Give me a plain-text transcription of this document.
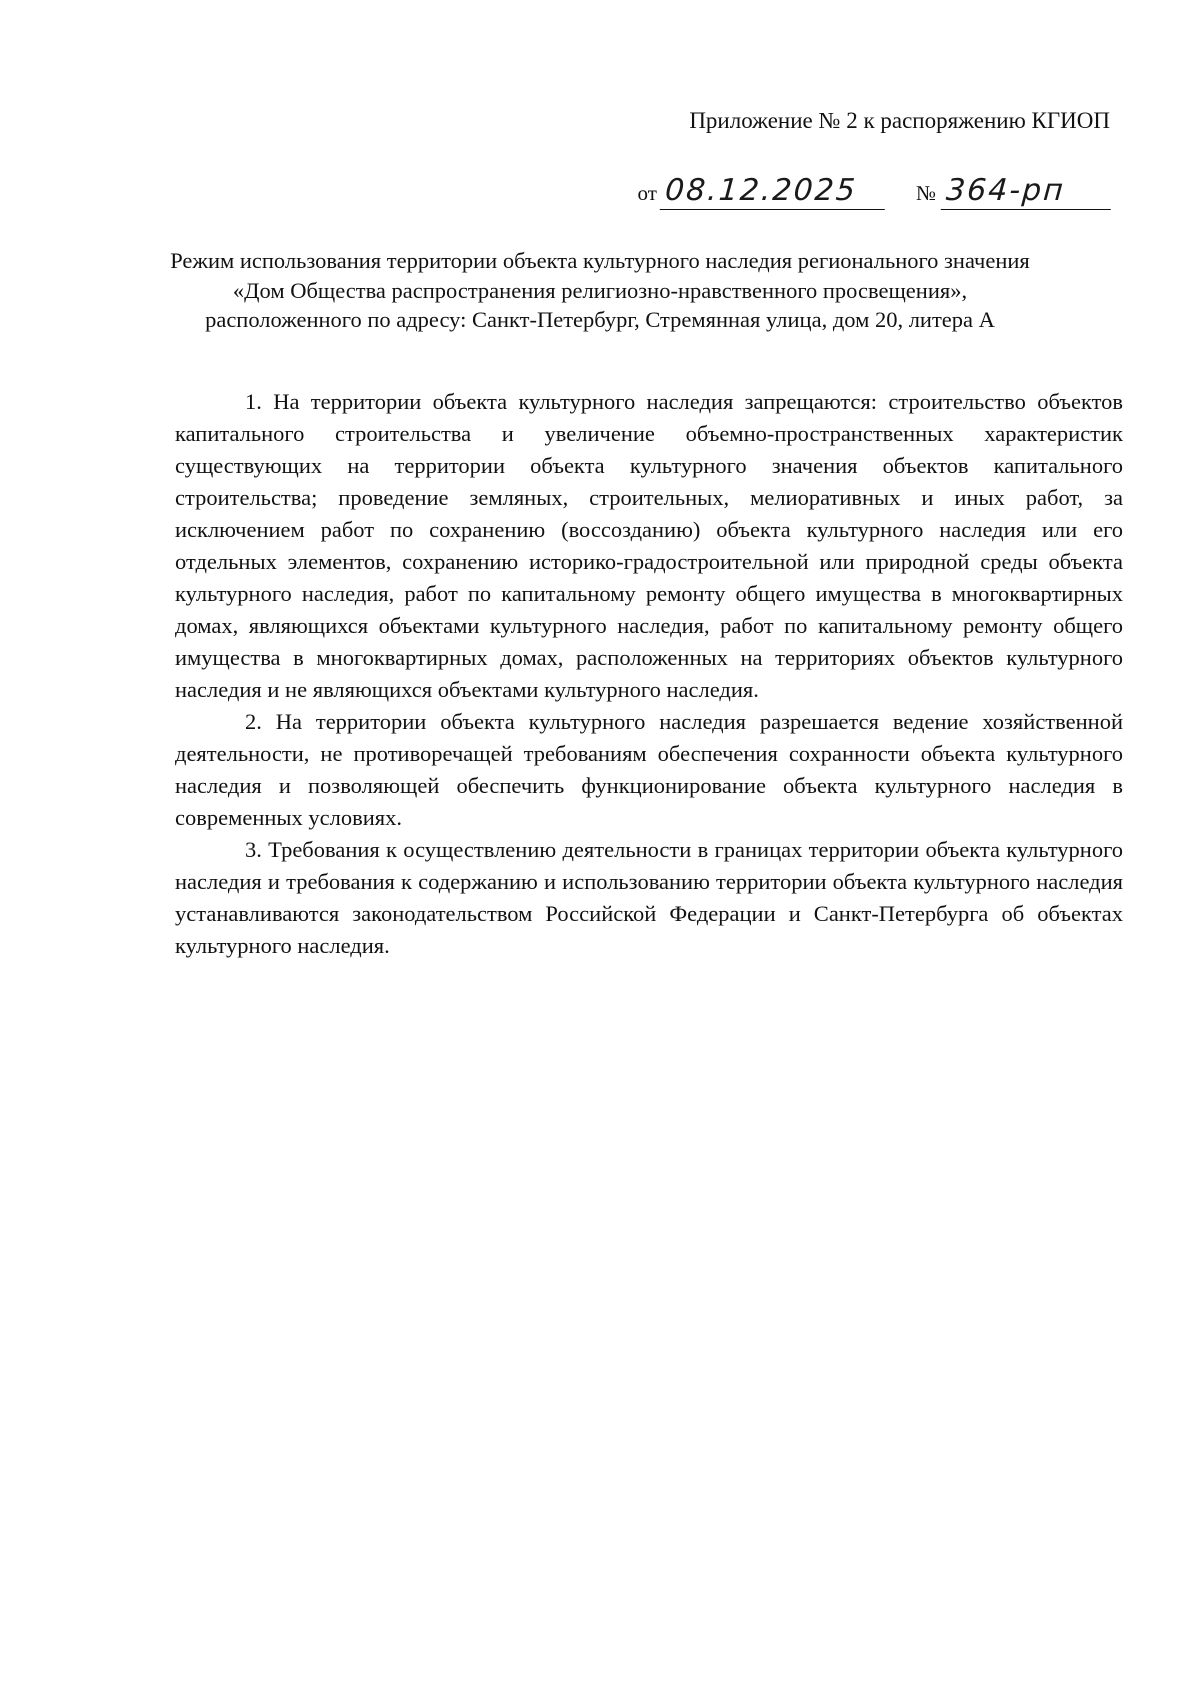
Приложение № 2 к распоряжению КГИОП
от 08.12.2025	№ 364-рп
Режим использования территории объекта культурного наследия регионального значения
«Дом Общества распространения религиозно-нравственного просвещения»,
расположенного по адресу: Санкт-Петербург, Стремянная улица, дом 20, литера А

1. На территории объекта культурного наследия запрещаются: строительство объектов капитального строительства и увеличение объемно-пространственных характеристик существующих на территории объекта культурного значения объектов капитального строительства; проведение земляных, строительных, мелиоративных и иных работ, за исключением работ по сохранению (воссозданию) объекта культурного наследия или его отдельных элементов, сохранению историко-градостроительной или природной среды объекта культурного наследия, работ по капитальному ремонту общего имущества в многоквартирных домах, являющихся объектами культурного наследия, работ по капитальному ремонту общего имущества в многоквартирных домах, расположенных на территориях объектов культурного наследия и не являющихся объектами культурного наследия.

2. На территории объекта культурного наследия разрешается ведение хозяйственной деятельности, не противоречащей требованиям обеспечения сохранности объекта культурного наследия и позволяющей обеспечить функционирование объекта культурного наследия в современных условиях.

3. Требования к осуществлению деятельности в границах территории объекта культурного наследия и требования к содержанию и использованию территории объекта культурного наследия устанавливаются законодательством Российской Федерации и Санкт-Петербурга об объектах культурного наследия.
